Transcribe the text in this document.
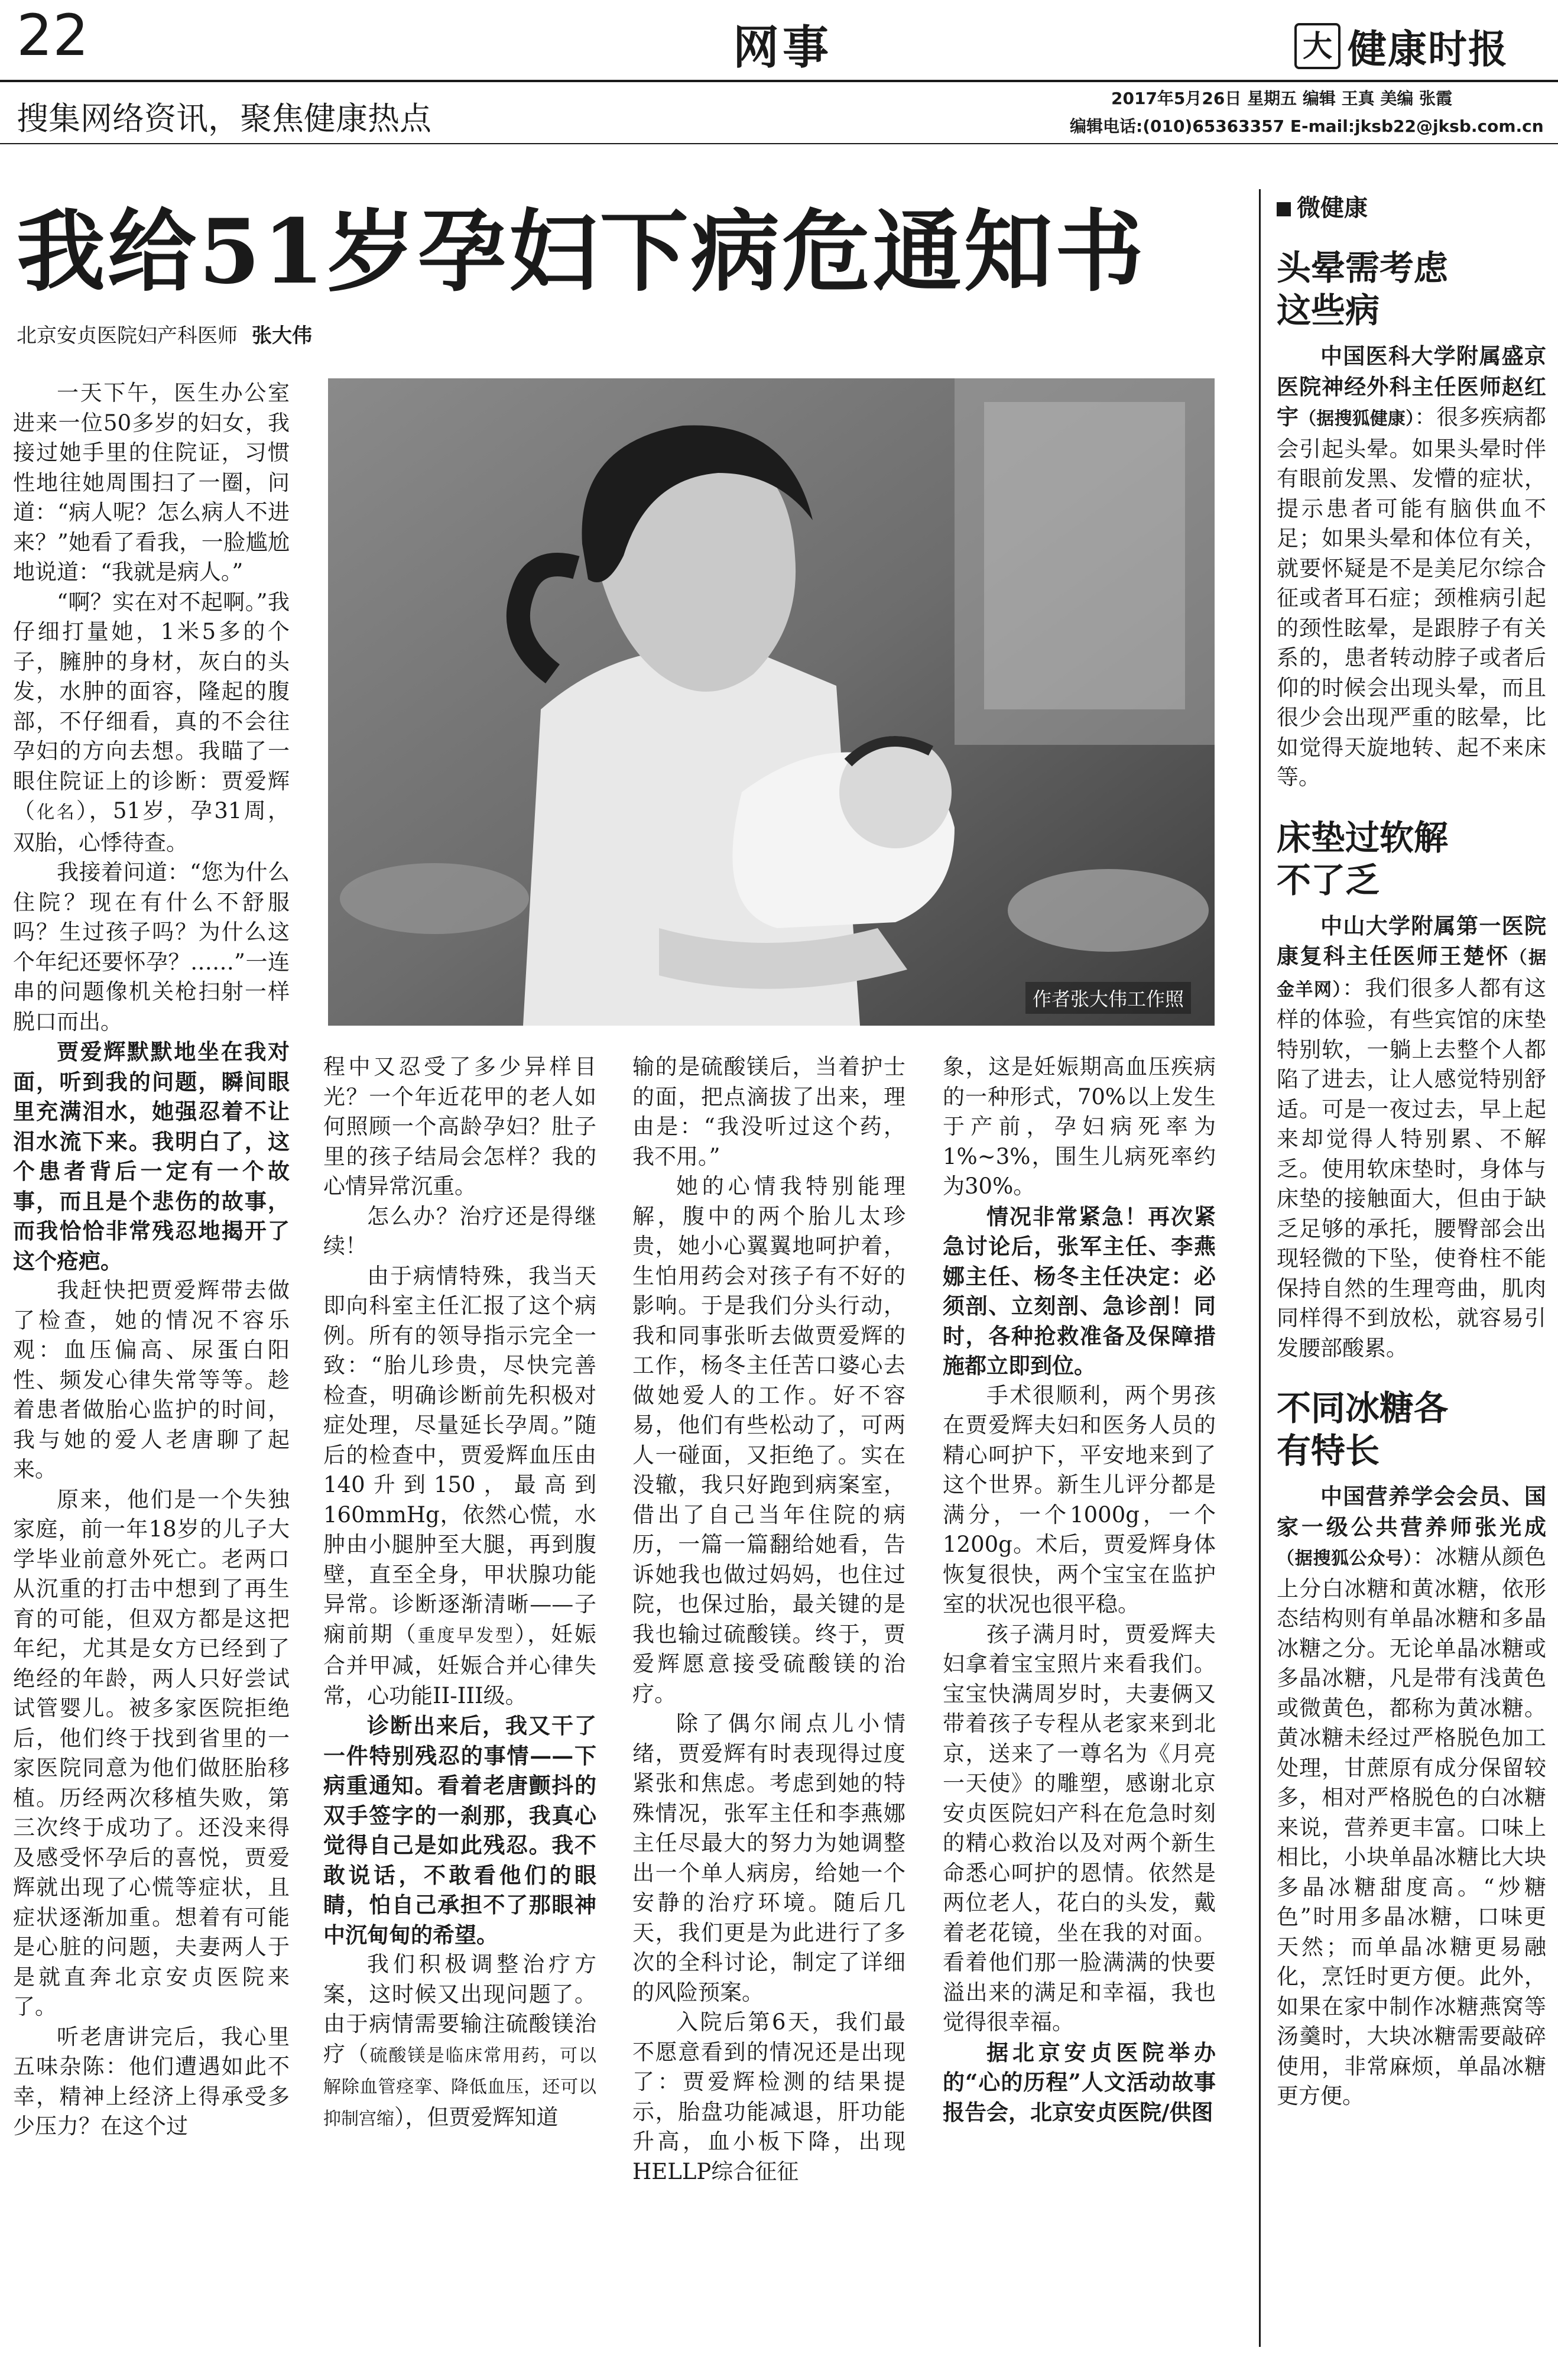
22	网事	大 健康时报
搜集网络资讯，聚焦健康热点
2017年5月26日 星期五 编辑 王真 美编 张霞
编辑电话:(010)65363357 E-mail:jksb22@jksb.com.cn
我给51岁孕妇下病危通知书
北京安贞医院妇产科医师 张大伟
作者张大伟工作照

一天下午，医生办公室进来一位50多岁的妇女，我接过她手里的住院证，习惯性地往她周围扫了一圈，问道：“病人呢？怎么病人不进来？”她看了看我，一脸尴尬地说道：“我就是病人。”

“啊？实在对不起啊。”我仔细打量她，1米5多的个子，臃肿的身材，灰白的头发，水肿的面容，隆起的腹部，不仔细看，真的不会往孕妇的方向去想。我瞄了一眼住院证上的诊断：贾爱辉（化名），51岁，孕31周，双胎，心悸待查。

我接着问道：“您为什么住院？现在有什么不舒服吗？生过孩子吗？为什么这个年纪还要怀孕？……”一连串的问题像机关枪扫射一样脱口而出。

贾爱辉默默地坐在我对面，听到我的问题，瞬间眼里充满泪水，她强忍着不让泪水流下来。我明白了，这个患者背后一定有一个故事，而且是个悲伤的故事，而我恰恰非常残忍地揭开了这个疮疤。

我赶快把贾爱辉带去做了检查，她的情况不容乐观：血压偏高、尿蛋白阳性、频发心律失常等等。趁着患者做胎心监护的时间，我与她的爱人老唐聊了起来。

原来，他们是一个失独家庭，前一年18岁的儿子大学毕业前意外死亡。老两口从沉重的打击中想到了再生育的可能，但双方都是这把年纪，尤其是女方已经到了绝经的年龄，两人只好尝试试管婴儿。被多家医院拒绝后，他们终于找到省里的一家医院同意为他们做胚胎移植。历经两次移植失败，第三次终于成功了。还没来得及感受怀孕后的喜悦，贾爱辉就出现了心慌等症状，且症状逐渐加重。想着有可能是心脏的问题，夫妻两人于是就直奔北京安贞医院来了。

听老唐讲完后，我心里五味杂陈：他们遭遇如此不幸，精神上经济上得承受多少压力？在这个过

程中又忍受了多少异样目光？一个年近花甲的老人如何照顾一个高龄孕妇？肚子里的孩子结局会怎样？我的心情异常沉重。

怎么办？治疗还是得继续！

由于病情特殊，我当天即向科室主任汇报了这个病例。所有的领导指示完全一致：“胎儿珍贵，尽快完善检查，明确诊断前先积极对症处理，尽量延长孕周。”随后的检查中，贾爱辉血压由140升到150，最高到160mmHg，依然心慌，水肿由小腿肿至大腿，再到腹壁，直至全身，甲状腺功能异常。诊断逐渐清晰——子痫前期（重度早发型），妊娠合并甲减，妊娠合并心律失常，心功能II-III级。

诊断出来后，我又干了一件特别残忍的事情——下病重通知。看着老唐颤抖的双手签字的一刹那，我真心觉得自己是如此残忍。我不敢说话，不敢看他们的眼睛，怕自己承担不了那眼神中沉甸甸的希望。

我们积极调整治疗方案，这时候又出现问题了。由于病情需要输注硫酸镁治疗（硫酸镁是临床常用药，可以解除血管痉挛、降低血压，还可以抑制宫缩），但贾爱辉知道

输的是硫酸镁后，当着护士的面，把点滴拔了出来，理由是：“我没听过这个药，我不用。”

她的心情我特别能理解，腹中的两个胎儿太珍贵，她小心翼翼地呵护着，生怕用药会对孩子有不好的影响。于是我们分头行动，我和同事张昕去做贾爱辉的工作，杨冬主任苦口婆心去做她爱人的工作。好不容易，他们有些松动了，可两人一碰面，又拒绝了。实在没辙，我只好跑到病案室，借出了自己当年住院的病历，一篇一篇翻给她看，告诉她我也做过妈妈，也住过院，也保过胎，最关键的是我也输过硫酸镁。终于，贾爱辉愿意接受硫酸镁的治疗。

除了偶尔闹点儿小情绪，贾爱辉有时表现得过度紧张和焦虑。考虑到她的特殊情况，张军主任和李燕娜主任尽最大的努力为她调整出一个单人病房，给她一个安静的治疗环境。随后几天，我们更是为此进行了多次的全科讨论，制定了详细的风险预案。

入院后第6天，我们最不愿意看到的情况还是出现了：贾爱辉检测的结果提示，胎盘功能减退，肝功能升高，血小板下降，出现HELLP综合征征

象，这是妊娠期高血压疾病的一种形式，70%以上发生于产前，孕妇病死率为1%~3%，围生儿病死率约为30%。

情况非常紧急！再次紧急讨论后，张军主任、李燕娜主任、杨冬主任决定：必须剖、立刻剖、急诊剖！同时，各种抢救准备及保障措施都立即到位。

手术很顺利，两个男孩在贾爱辉夫妇和医务人员的精心呵护下，平安地来到了这个世界。新生儿评分都是满分，一个1000g，一个1200g。术后，贾爱辉身体恢复很快，两个宝宝在监护室的状况也很平稳。

孩子满月时，贾爱辉夫妇拿着宝宝照片来看我们。宝宝快满周岁时，夫妻俩又带着孩子专程从老家来到北京，送来了一尊名为《月亮一天使》的雕塑，感谢北京安贞医院妇产科在危急时刻的精心救治以及对两个新生命悉心呵护的恩情。依然是两位老人，花白的头发，戴着老花镜，坐在我的对面。看着他们那一脸满满的快要溢出来的满足和幸福，我也觉得很幸福。

据北京安贞医院举办的“心的历程”人文活动故事报告会，北京安贞医院/供图

微健康
头晕需考虑这些病

中国医科大学附属盛京医院神经外科主任医师赵红宇（据搜狐健康）：很多疾病都会引起头晕。如果头晕时伴有眼前发黑、发懵的症状，提示患者可能有脑供血不足；如果头晕和体位有关，就要怀疑是不是美尼尔综合征或者耳石症；颈椎病引起的颈性眩晕，是跟脖子有关系的，患者转动脖子或者后仰的时候会出现头晕，而且很少会出现严重的眩晕，比如觉得天旋地转、起不来床等。

床垫过软解不了乏

中山大学附属第一医院康复科主任医师王楚怀（据金羊网）：我们很多人都有这样的体验，有些宾馆的床垫特别软，一躺上去整个人都陷了进去，让人感觉特别舒适。可是一夜过去，早上起来却觉得人特别累、不解乏。使用软床垫时，身体与床垫的接触面大，但由于缺乏足够的承托，腰臀部会出现轻微的下坠，使脊柱不能保持自然的生理弯曲，肌肉同样得不到放松，就容易引发腰部酸累。

不同冰糖各有特长

中国营养学会会员、国家一级公共营养师张光成（据搜狐公众号）：冰糖从颜色上分白冰糖和黄冰糖，依形态结构则有单晶冰糖和多晶冰糖之分。无论单晶冰糖或多晶冰糖，凡是带有浅黄色或微黄色，都称为黄冰糖。黄冰糖未经过严格脱色加工处理，甘蔗原有成分保留较多，相对严格脱色的白冰糖来说，营养更丰富。口味上相比，小块单晶冰糖比大块多晶冰糖甜度高。“炒糖色”时用多晶冰糖，口味更天然；而单晶冰糖更易融化，烹饪时更方便。此外，如果在家中制作冰糖燕窝等汤羹时，大块冰糖需要敲碎使用，非常麻烦，单晶冰糖更方便。
